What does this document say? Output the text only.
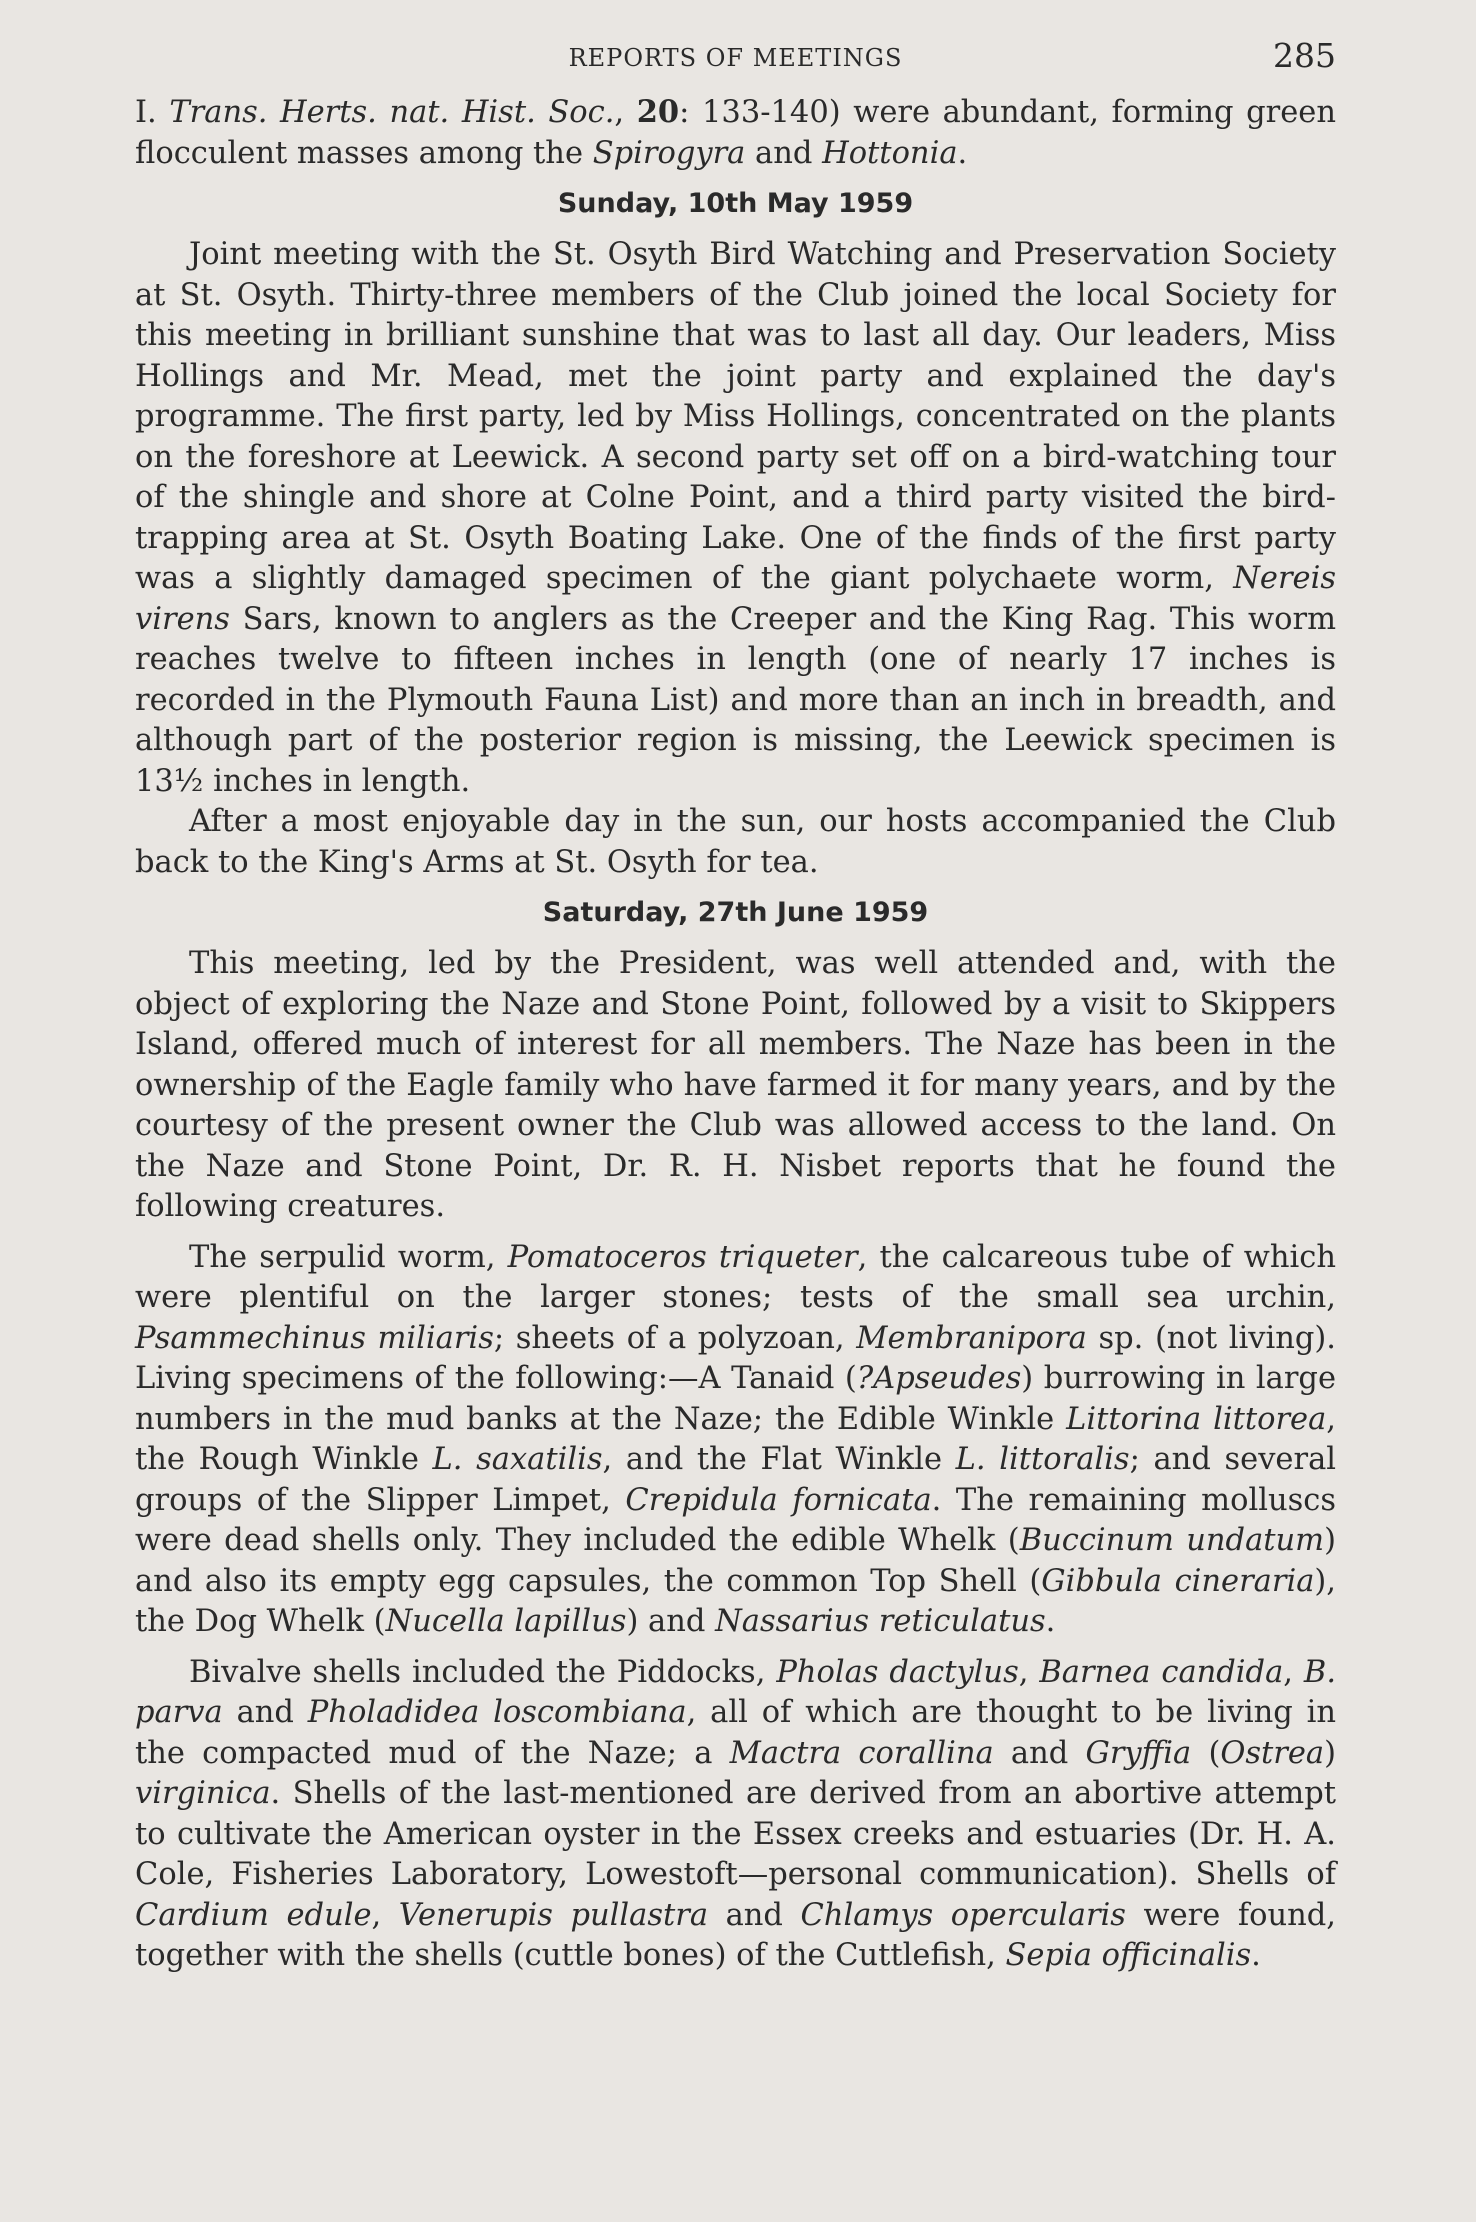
REPORTS OF MEETINGS	285

I. Trans. Herts. nat. Hist. Soc., 20: 133-140) were abundant, forming green flocculent masses among the Spirogyra and Hottonia.

Sunday, 10th May 1959

Joint meeting with the St. Osyth Bird Watching and Preservation Society at St. Osyth. Thirty-three members of the Club joined the local Society for this meeting in brilliant sunshine that was to last all day. Our leaders, Miss Hollings and Mr. Mead, met the joint party and explained the day's programme. The first party, led by Miss Hollings, concentrated on the plants on the foreshore at Leewick. A second party set off on a bird-watching tour of the shingle and shore at Colne Point, and a third party visited the bird-trapping area at St. Osyth Boating Lake. One of the finds of the first party was a slightly damaged specimen of the giant polychaete worm, Nereis virens Sars, known to anglers as the Creeper and the King Rag. This worm reaches twelve to fifteen inches in length (one of nearly 17 inches is recorded in the Plymouth Fauna List) and more than an inch in breadth, and although part of the posterior region is missing, the Leewick specimen is 13½ inches in length.

After a most enjoyable day in the sun, our hosts accompanied the Club back to the King's Arms at St. Osyth for tea.

Saturday, 27th June 1959

This meeting, led by the President, was well attended and, with the object of exploring the Naze and Stone Point, followed by a visit to Skippers Island, offered much of interest for all members. The Naze has been in the ownership of the Eagle family who have farmed it for many years, and by the courtesy of the present owner the Club was allowed access to the land. On the Naze and Stone Point, Dr. R. H. Nisbet reports that he found the following creatures.

The serpulid worm, Pomatoceros triqueter, the calcareous tube of which were plentiful on the larger stones; tests of the small sea urchin, Psammechinus miliaris; sheets of a polyzoan, Membranipora sp. (not living). Living specimens of the following:—A Tanaid (?Apseudes) burrowing in large numbers in the mud banks at the Naze; the Edible Winkle Littorina littorea, the Rough Winkle L. saxatilis, and the Flat Winkle L. littoralis; and several groups of the Slipper Limpet, Crepidula fornicata. The remaining molluscs were dead shells only. They included the edible Whelk (Buccinum undatum) and also its empty egg capsules, the common Top Shell (Gibbula cineraria), the Dog Whelk (Nucella lapillus) and Nassarius reticulatus.

Bivalve shells included the Piddocks, Pholas dactylus, Barnea candida, B. parva and Pholadidea loscombiana, all of which are thought to be living in the compacted mud of the Naze; a Mactra corallina and Gryffia (Ostrea) virginica. Shells of the last-mentioned are derived from an abortive attempt to cultivate the American oyster in the Essex creeks and estuaries (Dr. H. A. Cole, Fisheries Laboratory, Lowestoft—personal communication). Shells of Cardium edule, Venerupis pullastra and Chlamys opercularis were found, together with the shells (cuttle bones) of the Cuttlefish, Sepia officinalis.
